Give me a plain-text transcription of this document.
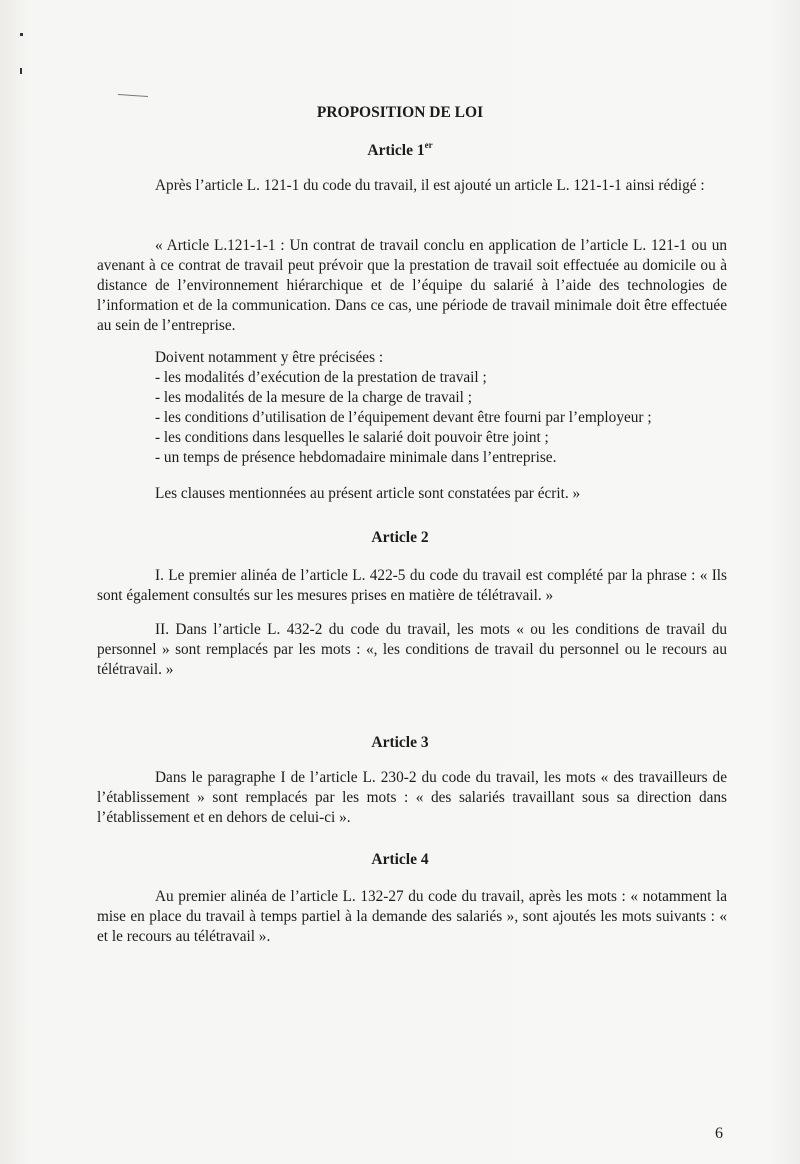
PROPOSITION DE LOI
Article 1er
Après l’article L. 121-1 du code du travail, il est ajouté un article L. 121-1-1 ainsi rédigé :
« Article L.121-1-1 : Un contrat de travail conclu en application de l’article L. 121-1 ou un avenant à ce contrat de travail peut prévoir que la prestation de travail soit effectuée au domicile ou à distance de l’environnement hiérarchique et de l’équipe du salarié à l’aide des technologies de l’information et de la communication. Dans ce cas, une période de travail minimale doit être effectuée au sein de l’entreprise.
Doivent notamment y être précisées :
- les modalités d’exécution de la prestation de travail ;
- les modalités de la mesure de la charge de travail ;
- les conditions d’utilisation de l’équipement devant être fourni par l’employeur ;
- les conditions dans lesquelles le salarié doit pouvoir être joint ;
- un temps de présence hebdomadaire minimale dans l’entreprise.
Les clauses mentionnées au présent article sont constatées par écrit. »
Article 2
I. Le premier alinéa de l’article L. 422-5 du code du travail est complété par la phrase : « Ils sont également consultés sur les mesures prises en matière de télétravail. »
II. Dans l’article L. 432-2 du code du travail, les mots « ou les conditions de travail du personnel » sont remplacés par les mots : «, les conditions de travail du personnel ou le recours au télétravail. »
Article 3
Dans le paragraphe I de l’article L. 230-2 du code du travail, les mots « des travailleurs de l’établissement » sont remplacés par les mots : « des salariés travaillant sous sa direction dans l’établissement et en dehors de celui-ci ».
Article 4
Au premier alinéa de l’article L. 132-27 du code du travail, après les mots : « notamment la mise en place du travail à temps partiel à la demande des salariés », sont ajoutés les mots suivants : « et le recours au télétravail ».
6
